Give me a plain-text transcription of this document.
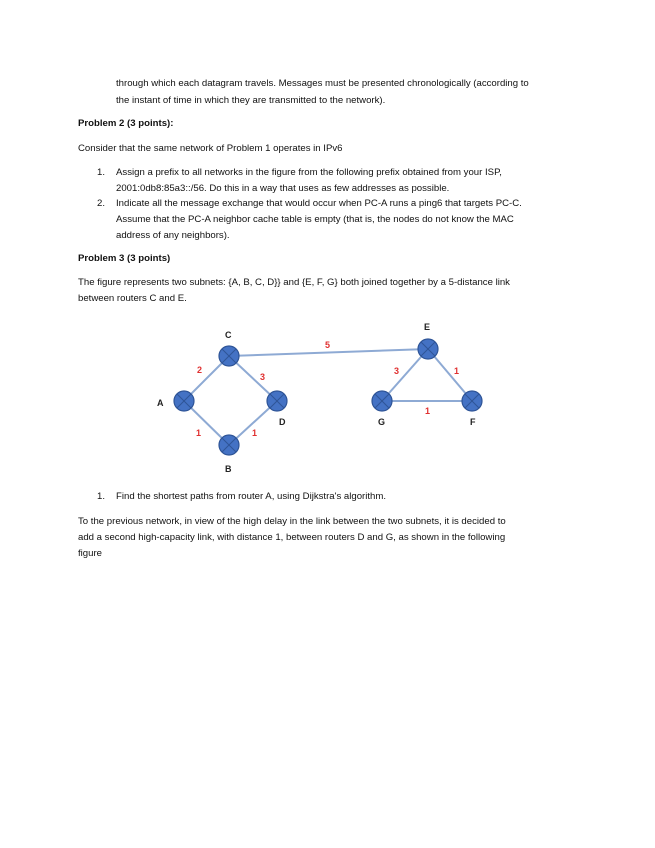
through which each datagram travels. Messages must be presented chronologically (according to

the instant of time in which they are transmitted to the network).

Problem 2 (3 points):

Consider that the same network of Problem 1 operates in IPv6

1. Assign a prefix to all networks in the figure from the following prefix obtained from your ISP,

2001:0db8:85a3::/56. Do this in a way that uses as few addresses as possible.

2. Indicate all the message exchange that would occur when PC-A runs a ping6 that targets PC-C.

Assume that the PC-A neighbor cache table is empty (that is, the nodes do not know the MAC

address of any neighbors).

Problem 3 (3 points)

The figure represents two subnets: {A, B, C, D}} and {E, F, G} both joined together by a 5-distance link

between routers C and E.

2
3
1	1
5
3	1
1
C
A
D
B
E
G	F
1. Find the shortest paths from router A, using Dijkstra's algorithm.

To the previous network, in view of the high delay in the link between the two subnets, it is decided to

add a second high-capacity link, with distance 1, between routers D and G, as shown in the following

figure
